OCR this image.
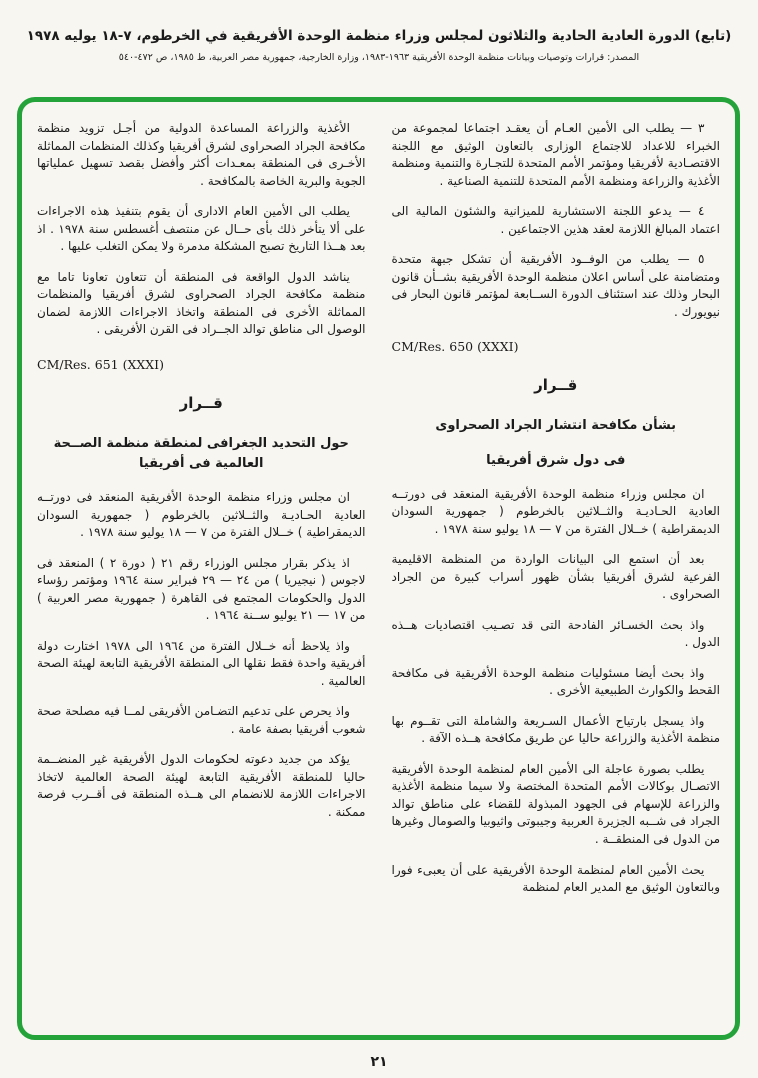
(تابع) الدورة العادية الحادية والثلاثون لمجلس وزراء منظمة الوحدة الأفريقية في الخرطوم، ٧-١٨ يوليه ١٩٧٨
المصدر: قرارات وتوصيات وبيانات منظمة الوحدة الأفريقية ١٩٦٣-١٩٨٣، وزارة الخارجية، جمهورية مصر العربية، ط ١٩٨٥، ص ٤٧٢-٥٤٠

٣ — يطلب الى الأمين العـام أن يعقـد اجتماعا لمجموعة من الخبراء للاعداد للاجتماع الوزارى بالتعاون الوثيق مع اللجنة الاقتصـادية لأفريقيا ومؤتمر الأمم المتحدة للتجـارة والتنمية ومنظمة الأغذية والزراعة ومنظمة الأمم المتحدة للتنمية الصناعية .

٤ — يدعو اللجنة الاستشارية للميزانية والشئون المالية الى اعتماد المبالغ اللازمة لعقد هذين الاجتماعين .

٥ — يطلب من الوفــود الأفريقية أن تشكل جبهة متحدة ومتضامنة على أساس اعلان منظمة الوحدة الأفريقية بشــأن قانون البحار وذلك عند استئناف الدورة الســابعة لمؤتمر قانون البحار فى نيويورك .

CM/Res. 650 (XXXI)
قــرار
بشأن مكافحة انتشار الجراد الصحراوى
فى دول شرق أفريقيا

ان مجلس وزراء منظمة الوحدة الأفريقية المنعقد فى دورتــه العادية الحـاديـة والثــلاثين بالخرطوم ( جمهورية السودان الديمقراطية ) خــلال الفترة من ٧ — ١٨ يوليو سنة ١٩٧٨ .

بعد أن استمع الى البيانات الواردة من المنظمة الاقليمية الفرعية لشرق أفريقيا بشأن ظهور أسراب كبيرة من الجراد الصحراوى .

واذ بحث الخسـائر الفادحة التى قد تصـيب اقتصاديات هــذه الدول .

واذ بحث أيضا مسئوليات منظمة الوحدة الأفريقية فى مكافحة القحط والكوارث الطبيعية الأخرى .

واذ يسجل بارتياح الأعمال السـريعة والشاملة التى تقــوم بها منظمة الأغذية والزراعة حاليا عن طريق مكافحة هــذه الآفة .

يطلب بصورة عاجلة الى الأمين العام لمنظمة الوحدة الأفريقية الاتصـال بوكالات الأمم المتحدة المختصة ولا سيما منظمة الأغذية والزراعة للإسهام فى الجهود المبذولة للقضاء على مناطق توالد الجراد فى شــبه الجزيرة العربية وجيبوتى واثيوبيا والصومال وغيرها من الدول فى المنطقــة .

يحث الأمين العام لمنظمة الوحدة الأفريقية على أن يعبىء فورا وبالتعاون الوثيق مع المدير العام لمنظمة

الأغذية والزراعة المساعدة الدولية من أجـل تزويد منظمة مكافحة الجراد الصحراوى لشرق أفريقيا وكذلك المنظمات المماثلة الأخـرى فى المنطقة بمعـدات أكثر وأفضل بقصد تسهيل عملياتها الجوية والبرية الخاصة بالمكافحة .

يطلب الى الأمين العام الادارى أن يقوم بتنفيذ هذه الاجراءات على ألا يتأخر ذلك بأى حــال عن منتصف أغسطس سنة ١٩٧٨ . اذ بعد هــذا التاريخ تصبح المشكلة مدمرة ولا يمكن التغلب عليها .

يناشد الدول الواقعة فى المنطقة أن تتعاون تعاونا تاما مع منظمة مكافحة الجراد الصحراوى لشرق أفريقيا والمنظمات المماثلة الأخرى فى المنطقة واتخاذ الاجراءات اللازمة لضمان الوصول الى مناطق توالد الجــراد فى القرن الأفريقى .

CM/Res. 651 (XXXI)
قــرار
حول التحديد الجغرافى لمنطقة منظمة الصــحة العالمية فى أفريقيا

ان مجلس وزراء منظمة الوحدة الأفريقية المنعقد فى دورتــه العادية الحـاديـة والثــلاثين بالخرطوم ( جمهورية السودان الديمقراطية ) خــلال الفترة من ٧ — ١٨ يوليو سنة ١٩٧٨ .

اذ يذكر بقرار مجلس الوزراء رقم ٢١ ( دورة ٢ ) المنعقد فى لاجوس ( نيجيريا ) من ٢٤ — ٢٩ فبراير سنة ١٩٦٤ ومؤتمر رؤساء الدول والحكومات المجتمع فى القاهرة ( جمهورية مصر العربية ) من ١٧ — ٢١ يوليو ســنة ١٩٦٤ .

واذ يلاحظ أنه خــلال الفترة من ١٩٦٤ الى ١٩٧٨ اختارت دولة أفريقية واحدة فقط نقلها الى المنطقة الأفريقية التابعة لهيئة الصحة العالمية .

واذ يحرص على تدعيم التضـامن الأفريقى لمــا فيه مصلحة صحة شعوب أفريقيا بصفة عامة .

يؤكد من جديد دعوته لحكومات الدول الأفريقية غير المنضــمة حاليا للمنطقة الأفريقية التابعة لهيئة الصحة العالمية لاتخاذ الاجراءات اللازمة للانضمام الى هــذه المنطقة فى أقــرب فرصة ممكنة .

٢١
